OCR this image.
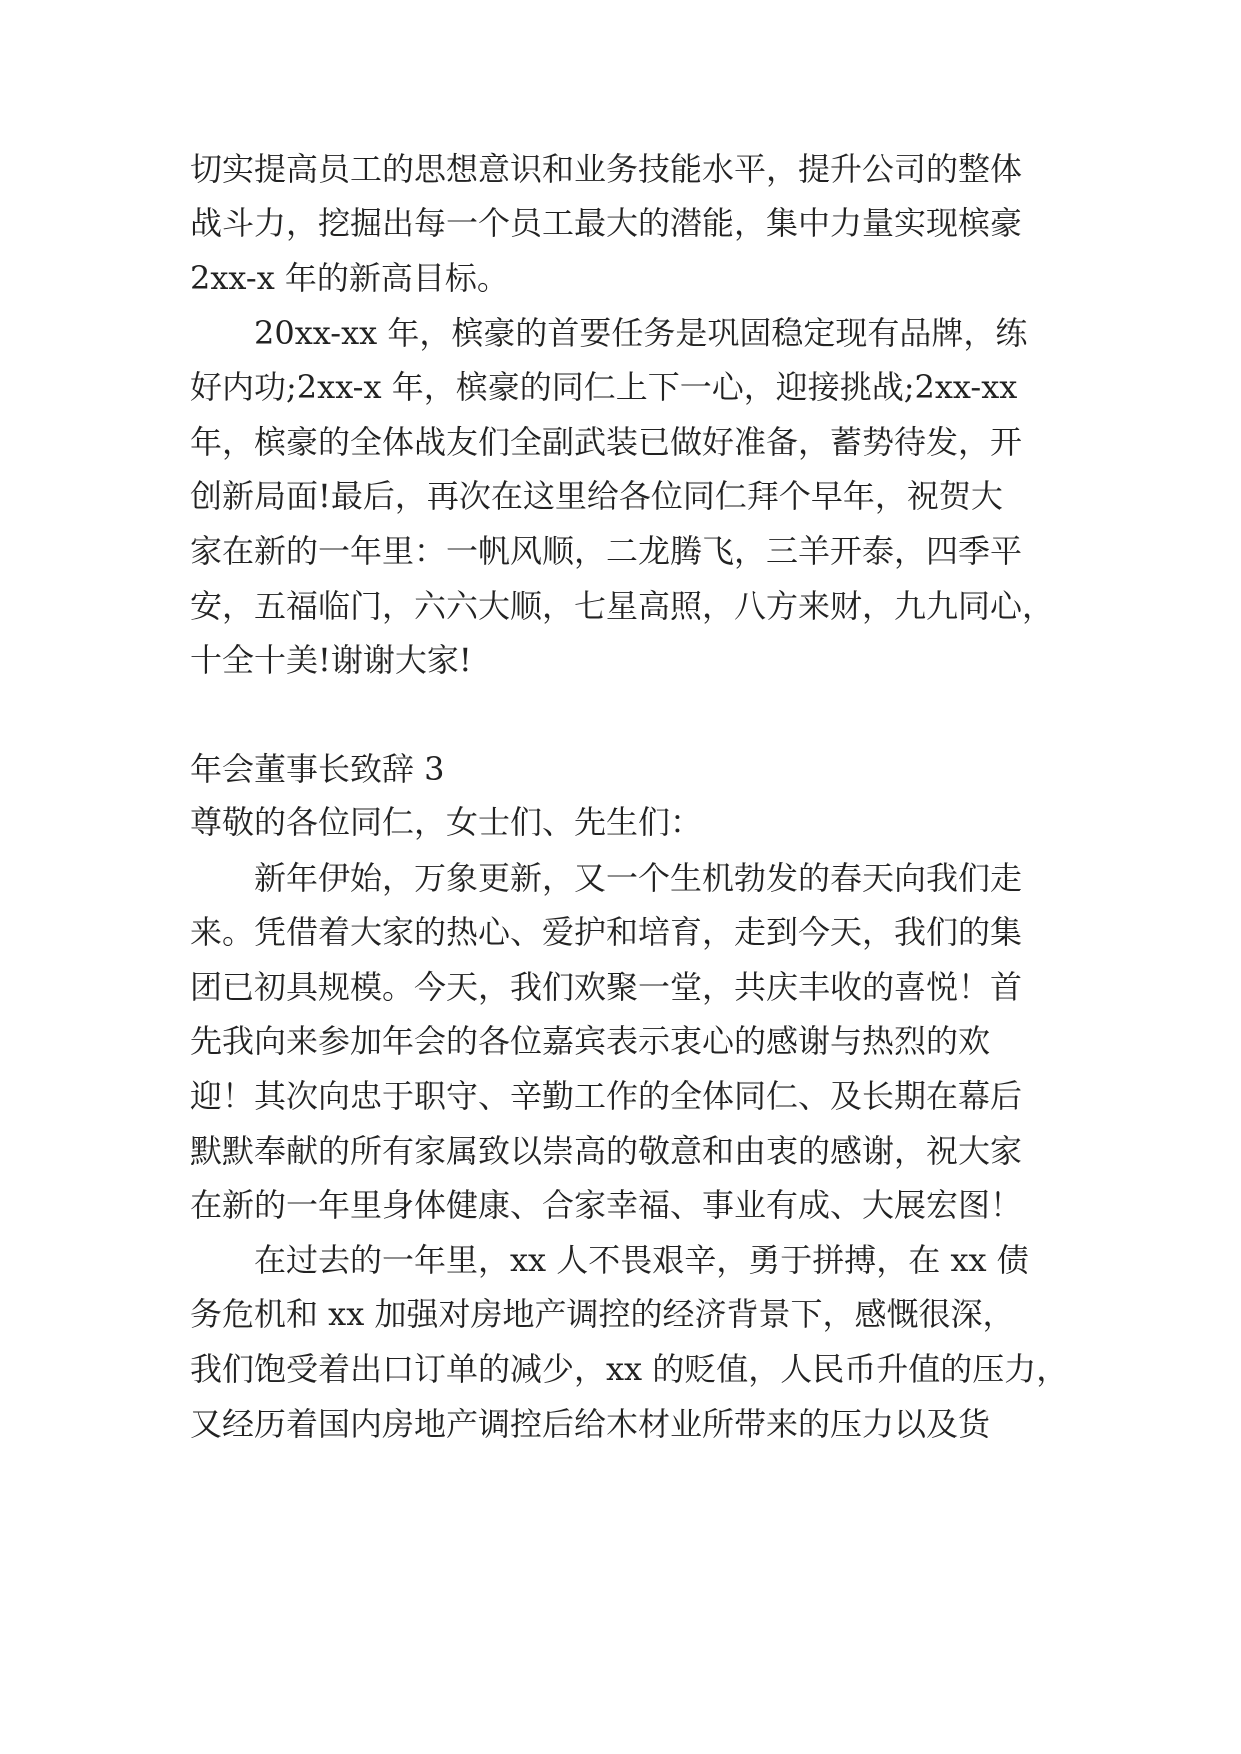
切实提高员工的思想意识和业务技能水平，提升公司的整体

战斗力，挖掘出每一个员工最大的潜能，集中力量实现槟豪

2xx-x 年的新高目标。

20xx-xx 年，槟豪的首要任务是巩固稳定现有品牌，练

好内功;2xx-x 年，槟豪的同仁上下一心，迎接挑战;2xx-xx

年，槟豪的全体战友们全副武装已做好准备，蓄势待发，开

创新局面!最后，再次在这里给各位同仁拜个早年，祝贺大

家在新的一年里：一帆风顺，二龙腾飞，三羊开泰，四季平

安，五福临门，六六大顺，七星高照，八方来财，九九同心，

十全十美!谢谢大家!

年会董事长致辞 3

尊敬的各位同仁，女士们、先生们：

新年伊始，万象更新，又一个生机勃发的春天向我们走

来。凭借着大家的热心、爱护和培育，走到今天，我们的集

团已初具规模。今天，我们欢聚一堂，共庆丰收的喜悦！首

先我向来参加年会的各位嘉宾表示衷心的感谢与热烈的欢

迎！其次向忠于职守、辛勤工作的全体同仁、及长期在幕后

默默奉献的所有家属致以崇高的敬意和由衷的感谢，祝大家

在新的一年里身体健康、合家幸福、事业有成、大展宏图！

在过去的一年里，xx 人不畏艰辛，勇于拼搏，在 xx 债

务危机和 xx 加强对房地产调控的经济背景下，感慨很深，

我们饱受着出口订单的减少，xx 的贬值，人民币升值的压力，

又经历着国内房地产调控后给木材业所带来的压力以及货
